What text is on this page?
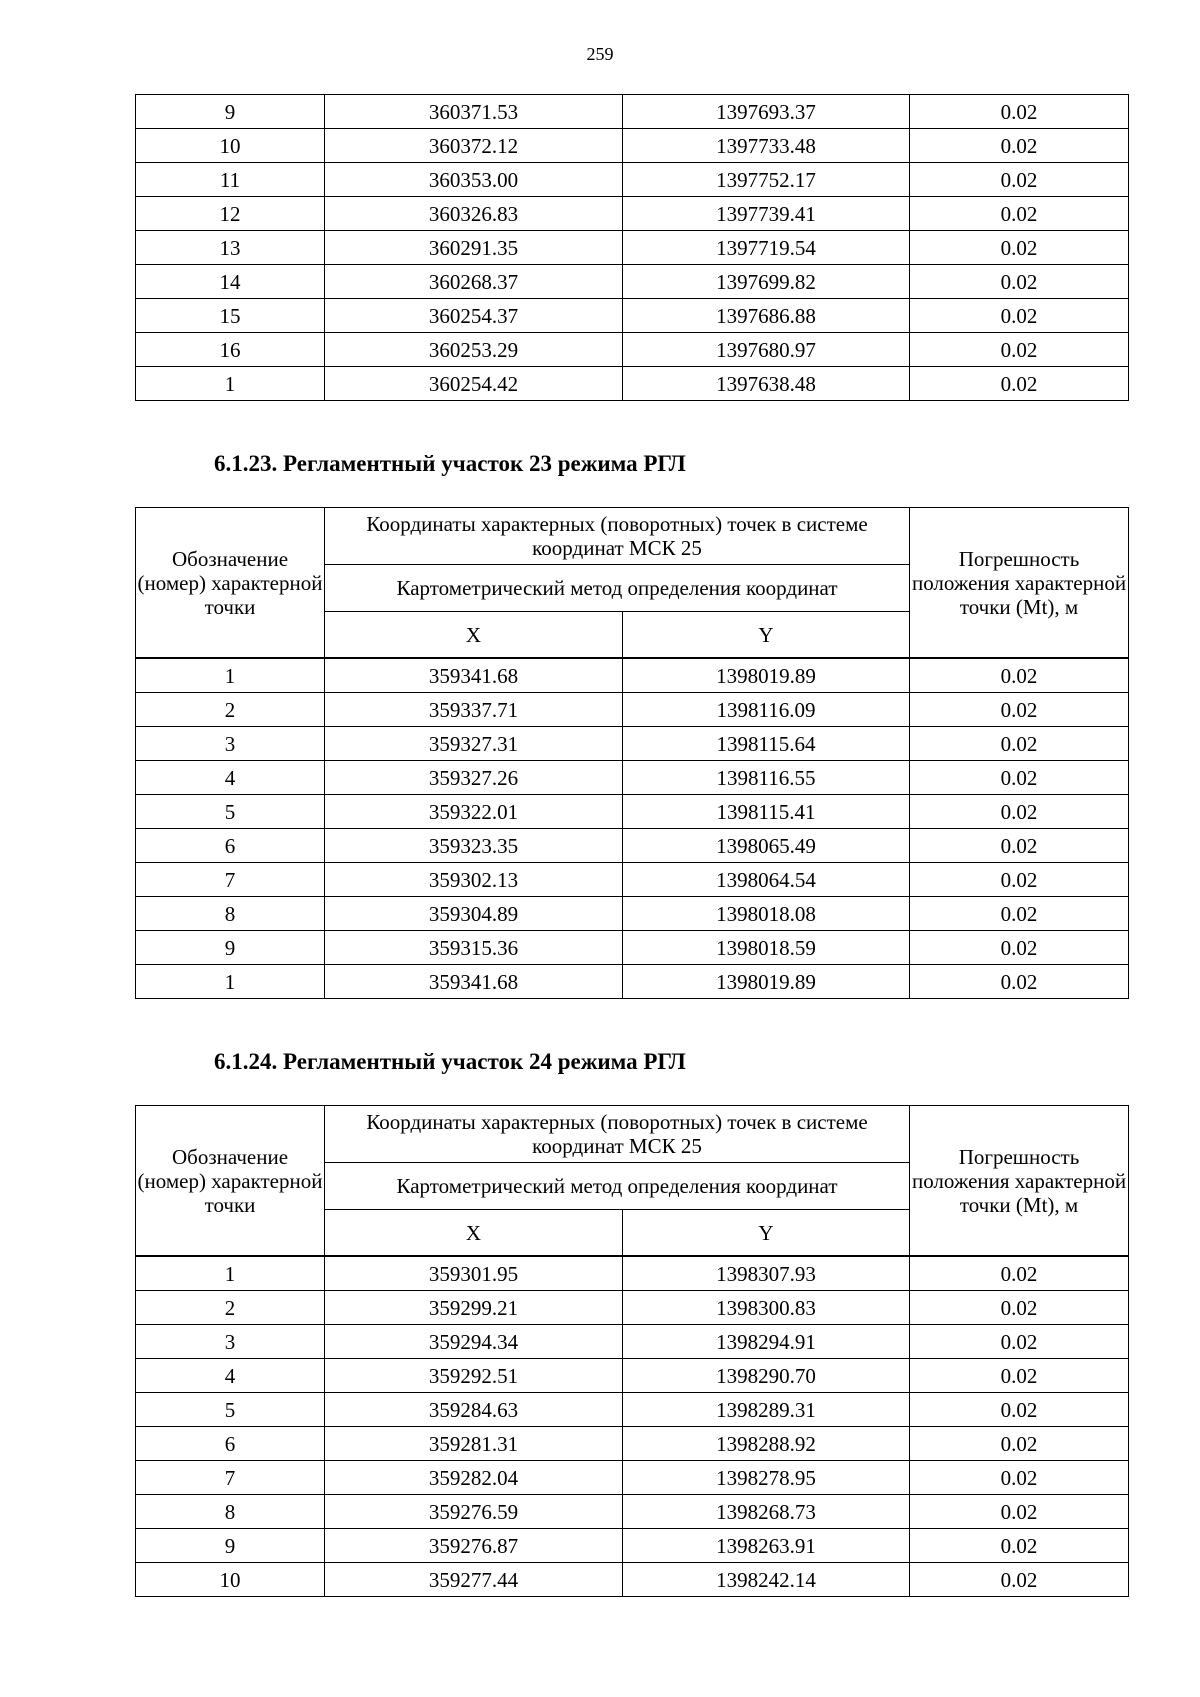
259
9	360371.53	1397693.37	0.02
10	360372.12	1397733.48	0.02
11	360353.00	1397752.17	0.02
12	360326.83	1397739.41	0.02
13	360291.35	1397719.54	0.02
14	360268.37	1397699.82	0.02
15	360254.37	1397686.88	0.02
16	360253.29	1397680.97	0.02
1	360254.42	1397638.48	0.02
6.1.23. Регламентный участок 23 режима РГЛ
Обозначение (номер) характерной точки	Координаты характерных (поворотных) точек в системе координат МСК 25		Погрешность положения характерной точки (Mt), м
	Картометрический метод определения координат		
	X	Y	
1	359341.68	1398019.89	0.02
2	359337.71	1398116.09	0.02
3	359327.31	1398115.64	0.02
4	359327.26	1398116.55	0.02
5	359322.01	1398115.41	0.02
6	359323.35	1398065.49	0.02
7	359302.13	1398064.54	0.02
8	359304.89	1398018.08	0.02
9	359315.36	1398018.59	0.02
1	359341.68	1398019.89	0.02
6.1.24. Регламентный участок 24 режима РГЛ
Обозначение (номер) характерной точки	Координаты характерных (поворотных) точек в системе координат МСК 25		Погрешность положения характерной точки (Mt), м
	Картометрический метод определения координат		
	X	Y	
1	359301.95	1398307.93	0.02
2	359299.21	1398300.83	0.02
3	359294.34	1398294.91	0.02
4	359292.51	1398290.70	0.02
5	359284.63	1398289.31	0.02
6	359281.31	1398288.92	0.02
7	359282.04	1398278.95	0.02
8	359276.59	1398268.73	0.02
9	359276.87	1398263.91	0.02
10	359277.44	1398242.14	0.02
